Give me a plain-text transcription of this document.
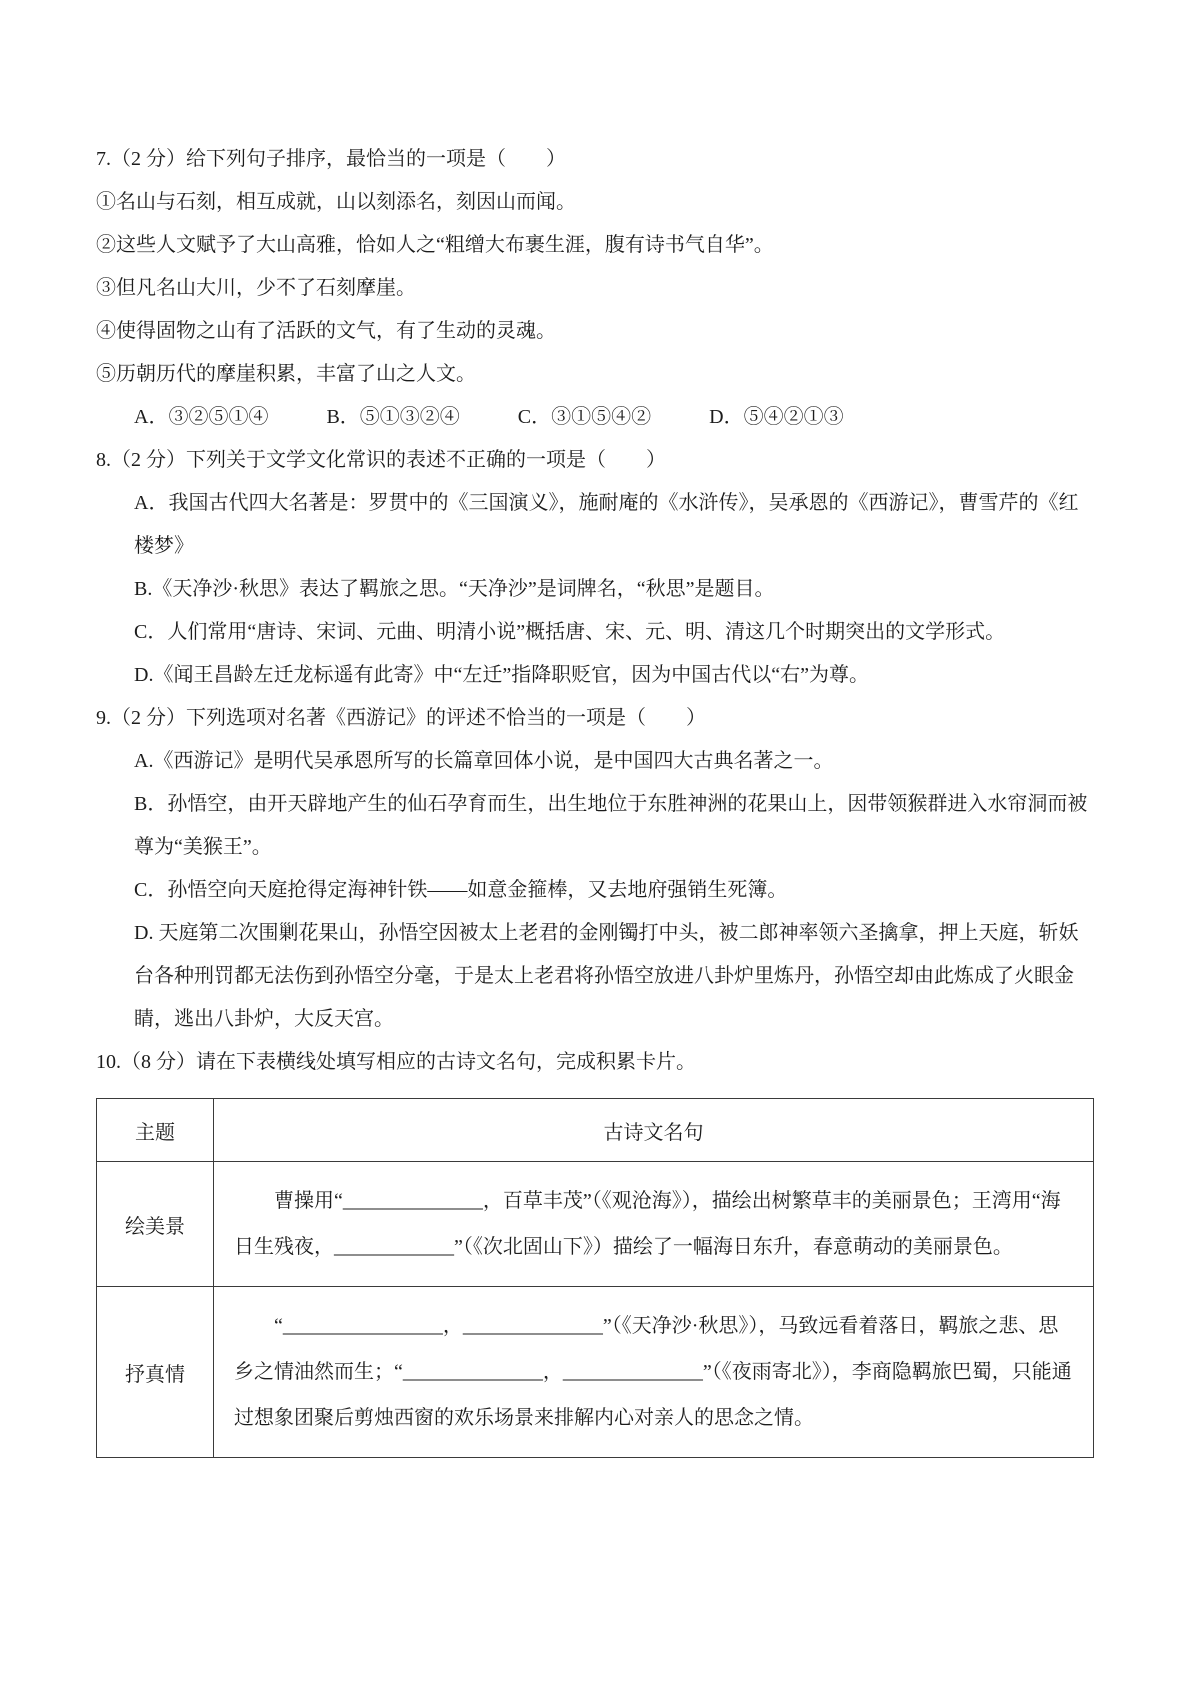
7.（2 分）给下列句子排序，最恰当的一项是（　　）

①名山与石刻，相互成就，山以刻添名，刻因山而闻。

②这些人文赋予了大山高雅，恰如人之“粗缯大布裹生涯，腹有诗书气自华”。

③但凡名山大川，少不了石刻摩崖。

④使得固物之山有了活跃的文气，有了生动的灵魂。

⑤历朝历代的摩崖积累，丰富了山之人文。

A．③②⑤①④	B．⑤①③②④	C．③①⑤④②	D．⑤④②①③

8.（2 分）下列关于文学文化常识的表述不正确的一项是（　　）

A．我国古代四大名著是：罗贯中的《三国演义》，施耐庵的《水浒传》，吴承恩的《西游记》，曹雪芹的《红楼梦》

B.《天净沙·秋思》表达了羁旅之思。“天净沙”是词牌名，“秋思”是题目。

C．人们常用“唐诗、宋词、元曲、明清小说”概括唐、宋、元、明、清这几个时期突出的文学形式。

D.《闻王昌龄左迁龙标遥有此寄》中“左迁”指降职贬官，因为中国古代以“右”为尊。

9.（2 分）下列选项对名著《西游记》的评述不恰当的一项是（　　）

A.《西游记》是明代吴承恩所写的长篇章回体小说，是中国四大古典名著之一。

B．孙悟空，由开天辟地产生的仙石孕育而生，出生地位于东胜神洲的花果山上，因带领猴群进入水帘洞而被尊为“美猴王”。

C．孙悟空向天庭抢得定海神针铁——如意金箍棒，又去地府强销生死簿。

D. 天庭第二次围剿花果山，孙悟空因被太上老君的金刚镯打中头，被二郎神率领六圣擒拿，押上天庭，斩妖台各种刑罚都无法伤到孙悟空分毫，于是太上老君将孙悟空放进八卦炉里炼丹，孙悟空却由此炼成了火眼金睛，逃出八卦炉，大反天宫。

10.（8 分）请在下表横线处填写相应的古诗文名句，完成积累卡片。

主题	古诗文名句
绘美景	曹操用“______________，百草丰茂”（《观沧海》），描绘出树繁草丰的美丽景色；王湾用“海日生残夜，____________”（《次北固山下》）描绘了一幅海日东升，春意萌动的美丽景色。
抒真情	“________________，______________”（《天净沙·秋思》），马致远看着落日，羁旅之悲、思乡之情油然而生；“______________，______________”（《夜雨寄北》），李商隐羁旅巴蜀，只能通过想象团聚后剪烛西窗的欢乐场景来排解内心对亲人的思念之情。
